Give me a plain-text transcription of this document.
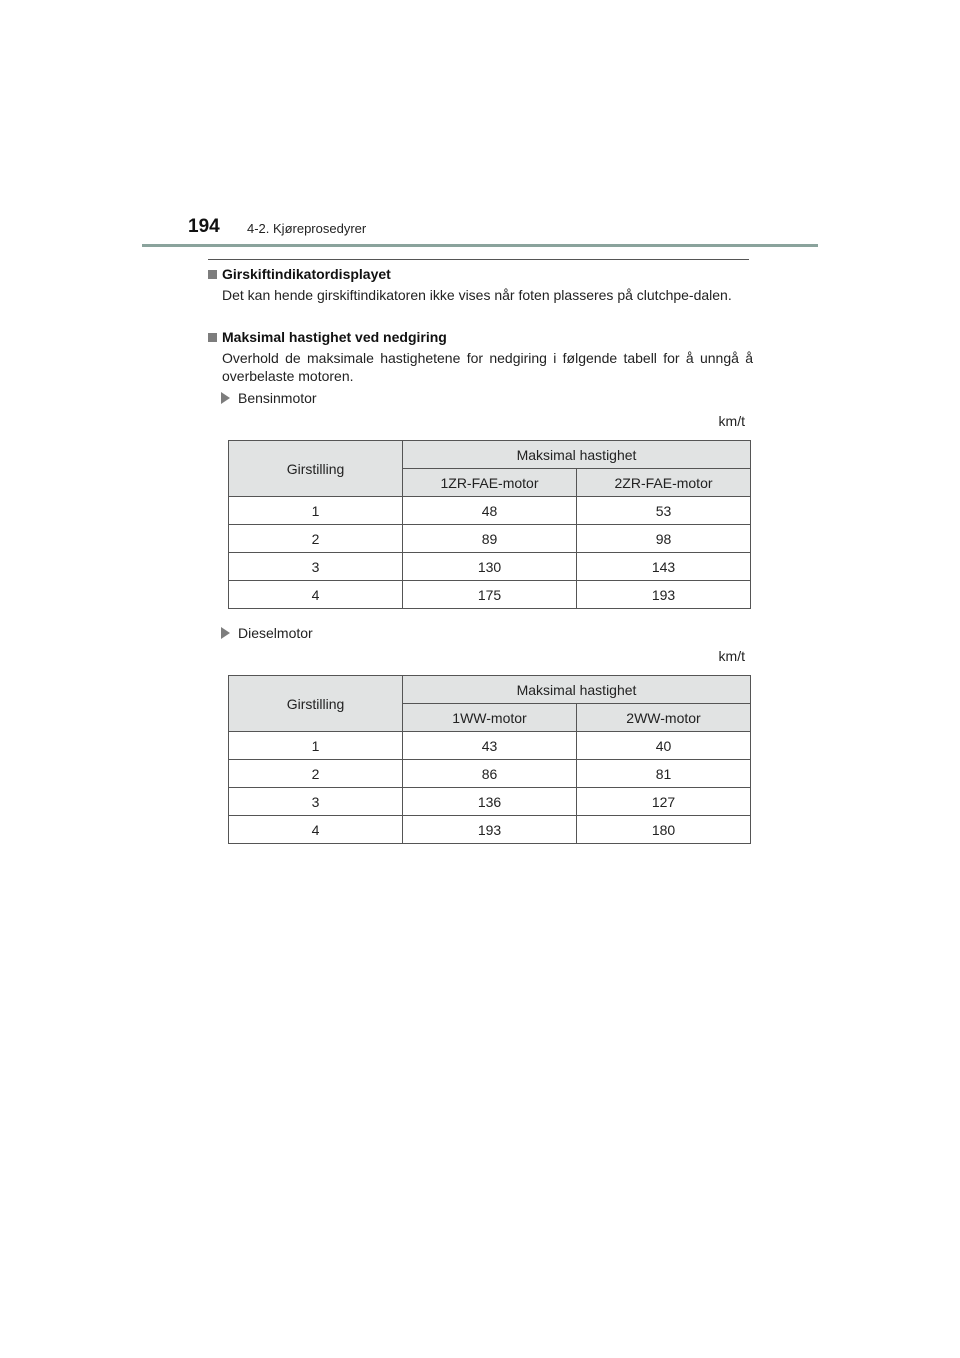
194 4-2. Kjøreprosedyrer
Girskiftindikatordisplayet
Det kan hende girskiftindikatoren ikke vises når foten plasseres på clutchpe-dalen.
Maksimal hastighet ved nedgiring
Overhold de maksimale hastighetene for nedgiring i følgende tabell for å unngå å overbelaste motoren.
Bensinmotor
km/t
Girstilling	Maksimal hastighet	
	1ZR-FAE-motor	2ZR-FAE-motor
1	48	53
2	89	98
3	130	143
4	175	193
Dieselmotor
km/t
Girstilling	Maksimal hastighet	
	1WW-motor	2WW-motor
1	43	40
2	86	81
3	136	127
4	193	180
